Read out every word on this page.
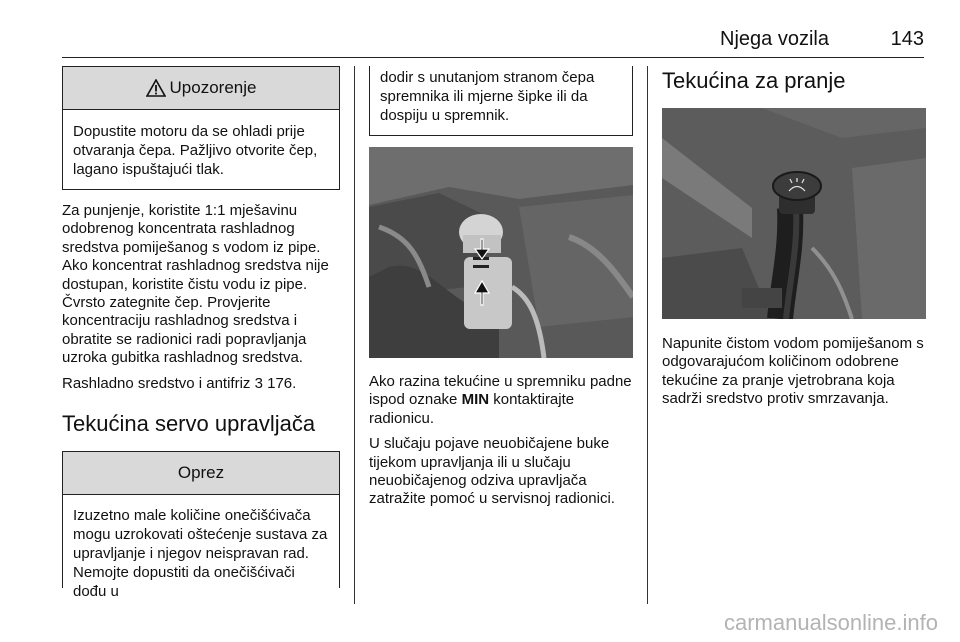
Njega vozila	143
Upozorenje
Dopustite motoru da se ohladi prije otvaranja čepa. Pažljivo otvorite čep, lagano ispuštajući tlak.

Za punjenje, koristite 1:1 mješavinu odobrenog koncentrata rashladnog sredstva pomiješanog s vodom iz pipe. Ako koncentrat rashladnog sredstva nije dostupan, koristite čistu vodu iz pipe. Čvrsto zategnite čep. Provjerite koncentraciju rashladnog sredstva i obratite se radionici radi popravljanja uzroka gubitka rashladnog sredstva.

Rashladno sredstvo i antifriz 3 176.

Tekućina servo upravljača
Oprez
Izuzetno male količine onečišćivača mogu uzrokovati oštećenje sustava za upravljanje i njegov neispravan rad. Nemojte dopustiti da onečišćivači dođu u
dodir s unutanjom stranom čepa spremnika ili mjerne šipke ili da dospiju u spremnik.

Ako razina tekućine u spremniku padne ispod oznake MIN kontaktirajte radionicu.

U slučaju pojave neuobičajene buke tijekom upravljanja ili u slučaju neuobičajenog odziva upravljača zatražite pomoć u servisnoj radionici.

Tekućina za pranje

Napunite čistom vodom pomiješanom s odgovarajućom količinom odobrene tekućine za pranje vjetrobrana koja sadrži sredstvo protiv smrzavanja.

carmanualsonline.info
